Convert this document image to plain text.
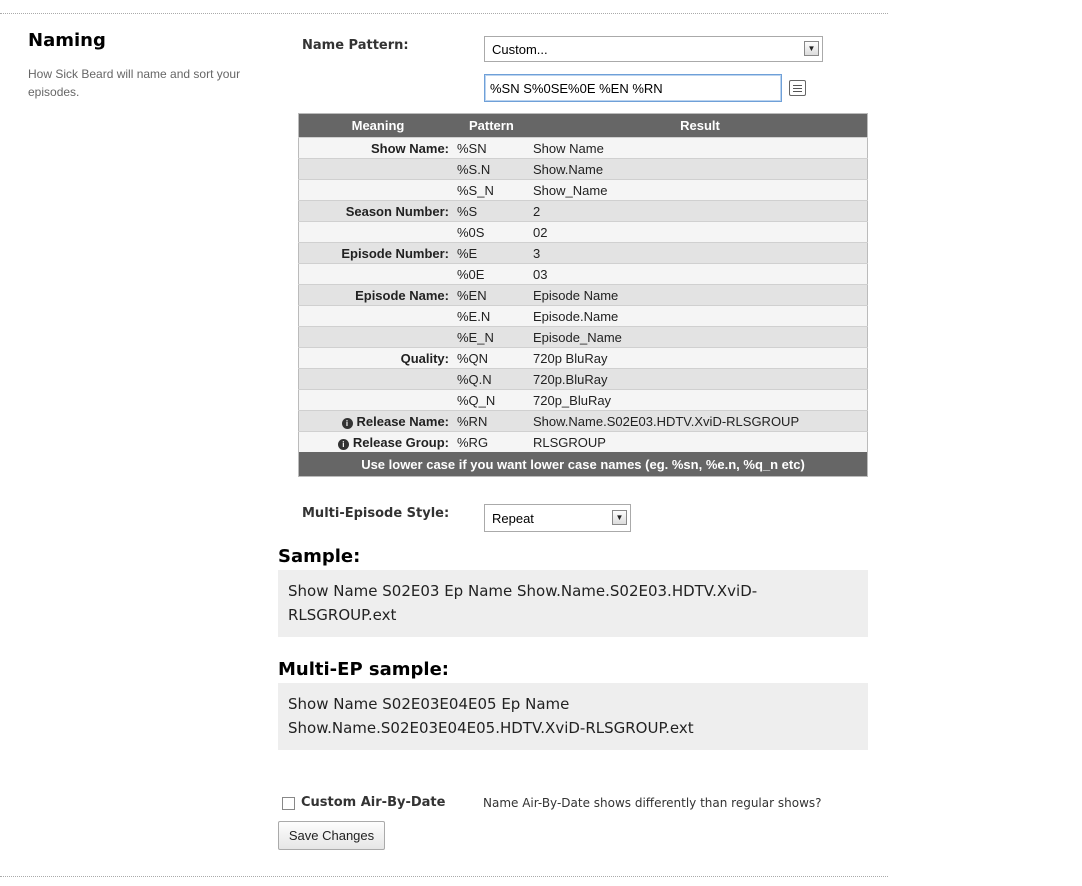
Naming
How Sick Beard will name and sort your episodes.
Name Pattern:	Custom...	▼
%SN S%0SE%0E %EN %RN
Meaning	Pattern	Result
Show Name:	%SN	Show Name
	%S.N	Show.Name
	%S_N	Show_Name
Season Number:	%S	2
	%0S	02
Episode Number:	%E	3
	%0E	03
Episode Name:	%EN	Episode Name
	%E.N	Episode.Name
	%E_N	Episode_Name
Quality:	%QN	720p BluRay
	%Q.N	720p.BluRay
	%Q_N	720p_BluRay
i Release Name:	%RN	Show.Name.S02E03.HDTV.XviD-RLSGROUP
i Release Group:	%RG	RLSGROUP
Use lower case if you want lower case names (eg. %sn, %e.n, %q_n etc)		
Multi-Episode Style:	Repeat	▼
Sample:
Show Name S02E03 Ep Name Show.Name.S02E03.HDTV.XviD-RLSGROUP.ext
Multi-EP sample:
Show Name S02E03E04E05 Ep Name Show.Name.S02E03E04E05.HDTV.XviD-RLSGROUP.ext
Custom Air-By-Date	Name Air-By-Date shows differently than regular shows?
Save Changes
